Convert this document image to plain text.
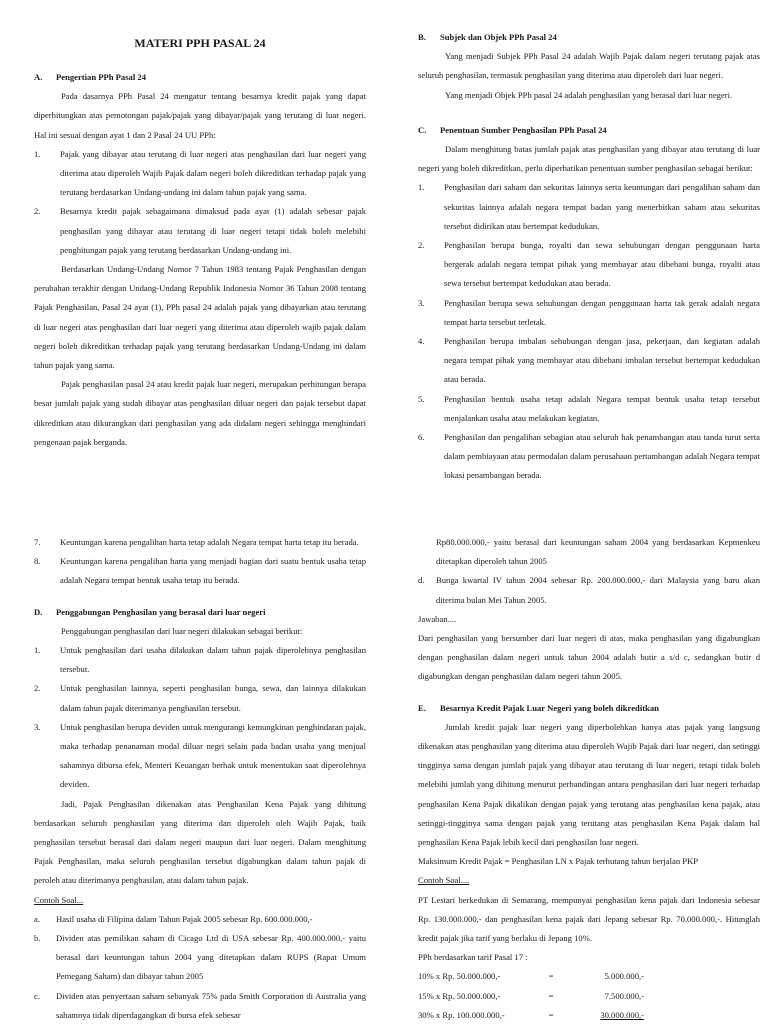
MATERI PPH PASAL 24

A.	Pengertian PPh Pasal 24

Pada dasarnya PPh Pasal 24 mengatur tentang besarnya kredit pajak yang dapat diperhitungkan atas pemotongan pajak/pajak yang dibayar/pajak yang terutang di luar negeri. Hal ini sesuai dengan ayat 1 dan 2 Pasal 24 UU PPh:

1.	Pajak yang dibayar atau terutang di luar negeri atas penghasilan dari luar negeri yang diterima atau diperoleh Wajib Pajak dalam negeri boleh dikreditkan terhadap pajak yang terutang berdasarkan Undang-undang ini dalam tahun pajak yang sama.
2.	Besarnya kredit pajak sebagaimana dimaksud pada ayat (1) adalah sebesar pajak penghasilan yang dibayar atau terutang di luar negeri tetapi tidak boleh melebihi penghitungan pajak yang terutang berdasarkan Undang-undang ini.

Berdasarkan Undang-Undang Nomor 7 Tahun 1983 tentang Pajak Penghasilan dengan perubahan terakhir dengan Undang-Undang Republik Indonesia Nomor 36 Tahun 2008 tentang Pajak Penghasilan, Pasal 24 ayat (1), PPh pasal 24 adalah pajak yang dibayarkan atau terutang di luar negeri atas penghasilan dari luar negeri yang diterima atau diperoleh wajib pajak dalam negeri boleh dikreditkan terhadap pajak yang terutang berdasarkan Undang-Undang ini dalam tahun pajak yang sama.

Pajak penghasilan pasal 24 atau kredit pajak luar negeri, merupakan perhitungan berapa besar jumlah pajak yang sudah dibayar atas penghasilan diluar negeri dan pajak tersebut dapat dikreditkan atau dikurangkan dari penghasilan yang ada didalam negeri sehingga menghindari pengenaan pajak berganda.

B.	Subjek dan Objek PPh Pasal 24

Yang menjadi Subjek PPh Pasal 24 adalah Wajib Pajak dalam negeri terutang pajak atas seluruh penghasilan, termasuk penghasilan yang diterima atau diperoleh dari luar negeri.

Yang menjadi Objek PPh pasal 24 adalah penghasilan yang berasal dari luar negeri.

C.	Penentuan Sumber Penghasilan PPh Pasal 24

Dalam menghitung batas jumlah pajak atas penghasilan yang dibayar atau terutang di luar negeri yang boleh dikreditkan, perlu diperhatikan penentuan sumber penghasilan sebagai berikut:

1.	Penghasilan dari saham dan sekuritas lainnya serta keuntungan dari pengalihan saham dan sekuritas lainnya adalah negara tempat badan yang menerbitkan saham atau sekuritas tersebut didirikan atau bertempat kedudukan.
2.	Penghasilan berupa bunga, royalti dan sewa sehubungan dengan penggunaan harta bergerak adalah negara tempat pihak yang membayar atau dibebani bunga, royalti atau sewa tersebut bertempat kedudukan atau berada.
3.	Penghasilan berupa sewa sehubungan dengan penggunaan harta tak gerak adalah negara tempat harta tersebut terletak.
4.	Penghasilan berupa imbalan sehubungan dengan jasa, pekerjaan, dan kegiatan adalah negara tempat pihak yang membayar atau dibebani imbalan tersebut bertempat kedudukan atau berada.
5.	Penghasilan bentuk usaha tetap adalah Negara tempat bentuk usaha tetap tersebut menjalankan usaha atau melakukan kegiatan.
6.	Penghasilan dan pengalihan sebagian atau seluruh hak penambangan atau tanda turut serta dalam pembiayaan atau permodalan dalam perusahaan pertambangan adalah Negara tempat lokasi penambangan berada.
7.	Keuntungan karena pengalihan harta tetap adalah Negara tempat harta tetap itu berada.
8.	Keuntungan karena pengalihan harta yang menjadi bagian dari suatu bentuk usaha tetap adalah Negara tempat bentuk usaha tetap itu berada.
D.	Penggabungan Penghasilan yang berasal dari luar negeri

Penggabungan penghasilan dari luar negeri dilakukan sebagai berikut:

1.	Untuk penghasilan dari usaha dilakukan dalam tahun pajak diperolehnya penghasilan tersebut.
2.	Untuk penghasilan lainnya, seperti penghasilan bunga, sewa, dan lainnya dilakukan dalam tahun pajak diterimanya penghasilan tersebut.
3.	Untuk penghasilan berupa deviden untuk mengurangi kemungkinan penghindaran pajak, maka terhadap penanaman modal diluar negri selain pada badan usaha yang menjual sahamnya dibursa efek, Menteri Keuangan berhak untuk menentukan saat diperolehnya deviden.

Jadi, Pajak Penghasilan dikenakan atas Penghasilan Kena Pajak yang dihitung berdasarkan seluruh penghasilan yang diterima dan diperoleh oleh Wajib Pajak, baik penghasilan tersebut berasal dari dalam negeri maupun dari luar negeri. Dalam menghitung Pajak Penghasilan, maka seluruh penghasilan tersebut digabungkan dalam tahun pajak di peroleh atau diterimanya penghasilan, atau dalam tahun pajak.

Contoh Soal...

a.	Hasil usaha di Filipina dalam Tahun Pajak 2005 sebesar Rp. 600.000.000,-
b.	Dividen atas pemilikan saham di Cicago Ltd di USA sebesar Rp. 400.000.000,- yaitu berasal dari keuntungan tahun 2004 yang ditetapkan dalam RUPS (Rapat Umum Pemegang Saham) dan dibayar tahun 2005
c.	Dividen atas penyertaan saham sebanyak 75% pada Smith Corporation di Australia yang sahamnya tidak diperdagangkan di bursa efek sebesar

Rp80.000.000,- yaitu berasal dari keuntungan saham 2004 yang berdasarkan Kepmenkeu ditetapkan diperoleh tahun 2005

d.	Bunga kwartal IV tahun 2004 sebesar Rp. 200.000.000,- dari Malaysia yang baru akan diterima bulan Mei Tahun 2005.

Jawaban....

Dari penghasilan yang bersumber dari luar negeri di atas, maka penghasilan yang digabungkan dengan penghasilan dalam negeri untuk tahun 2004 adalah butir a s/d c, sedangkan butir d digabungkan dengan penghasilan dalam negeri tahun 2005.

E.	Besarnya Kredit Pajak Luar Negeri yang boleh dikreditkan

Jumlah kredit pajak luar negeri yang diperbolehkan hanya atas pajak yang langsung dikenakan atas penghasilan yang diterima atau diperoleh Wajib Pajak dari luar negeri, dan setinggi tingginya sama dengan jumlah pajak yang dibayar atau terutang di luar negeri, tetapi tidak boleh melebihi jumlah yang dihitung menurut perbandingan antara penghasilan dari luar negeri terhadap penghasilan Kena Pajak dikalikan dengan pajak yang terutang atas penghasilan kena pajak, atau setinggi-tingginya sama dengan pajak yang terutang atas penghasilan Kena Pajak dalam hal penghasilan Kena Pajak lebih kecil dari penghasilan luar negeri.

Maksimum Kredit Pajak = Penghasilan LN x Pajak terhutang tahun berjalan PKP

Contoh Soal....

PT Lestari berkedukan di Semarang, mempunyai penghasilan kena pajak dari Indonesia sebesar Rp. 130.000.000,- dan penghasilan kena pajak dari Jepang sebesar Rp. 70.000.000,-. Hitunglah kredit pajak jika tarif yang berlaku di Jepang 10%.

PPh berdasarkan tarif Pasal 17 :

10% x Rp. 50.000.000,-	=	5.000.000,-
15% x Rp. 50.000.000,-	=	7.500.000,-
30% x Rp. 100.000.000,-	=	30.000.000,-
